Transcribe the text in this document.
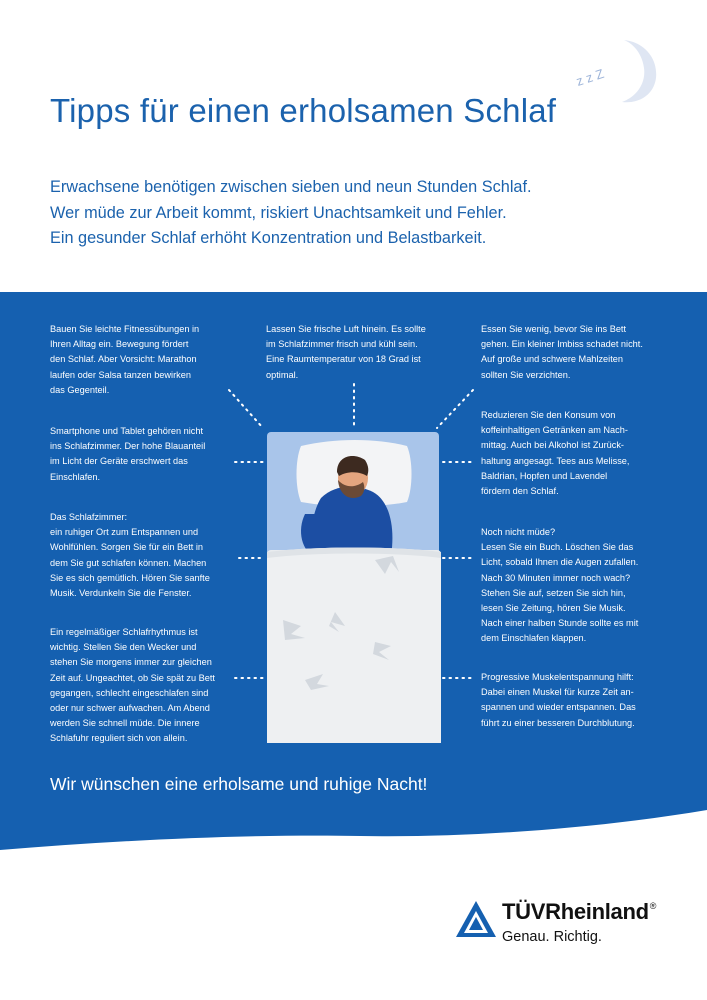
z z Z
Tipps für einen erholsamen Schlaf
Erwachsene benötigen zwischen sieben und neun Stunden Schlaf.
Wer müde zur Arbeit kommt, riskiert Unachtsamkeit und Fehler.
Ein gesunder Schlaf erhöht Konzentration und Belastbarkeit.
Bauen Sie leichte Fitnessübungen in
Ihren Alltag ein. Bewegung fördert
den Schlaf. Aber Vorsicht: Marathon
laufen oder Salsa tanzen bewirken
das Gegenteil.
Lassen Sie frische Luft hinein. Es sollte
im Schlafzimmer frisch und kühl sein.
Eine Raumtemperatur von 18 Grad ist
optimal.
Essen Sie wenig, bevor Sie ins Bett
gehen. Ein kleiner Imbiss schadet nicht.
Auf große und schwere Mahlzeiten
sollten Sie verzichten.
Smartphone und Tablet gehören nicht
ins Schlafzimmer. Der hohe Blauanteil
im Licht der Geräte erschwert das
Einschlafen.
Reduzieren Sie den Konsum von
koffeinhaltigen Getränken am Nach-
mittag. Auch bei Alkohol ist Zurück-
haltung angesagt. Tees aus Melisse,
Baldrian, Hopfen und Lavendel
fördern den Schlaf.
Das Schlafzimmer:
ein ruhiger Ort zum Entspannen und
Wohlfühlen. Sorgen Sie für ein Bett in
dem Sie gut schlafen können. Machen
Sie es sich gemütlich. Hören Sie sanfte
Musik. Verdunkeln Sie die Fenster.
Noch nicht müde?
Lesen Sie ein Buch. Löschen Sie das
Licht, sobald Ihnen die Augen zufallen.
Nach 30 Minuten immer noch wach?
Stehen Sie auf, setzen Sie sich hin,
lesen Sie Zeitung, hören Sie Musik.
Nach einer halben Stunde sollte es mit
dem Einschlafen klappen.
Ein regelmäßiger Schlafrhythmus ist
wichtig. Stellen Sie den Wecker und
stehen Sie morgens immer zur gleichen
Zeit auf. Ungeachtet, ob Sie spät zu Bett
gegangen, schlecht eingeschlafen sind
oder nur schwer aufwachen. Am Abend
werden Sie schnell müde. Die innere
Schlafuhr reguliert sich von allein.
Progressive Muskelentspannung hilft:
Dabei einen Muskel für kurze Zeit an-
spannen und wieder entspannen. Das
führt zu einer besseren Durchblutung.
Wir wünschen eine erholsame und ruhige Nacht!
TÜVRheinland®
Genau. Richtig.
